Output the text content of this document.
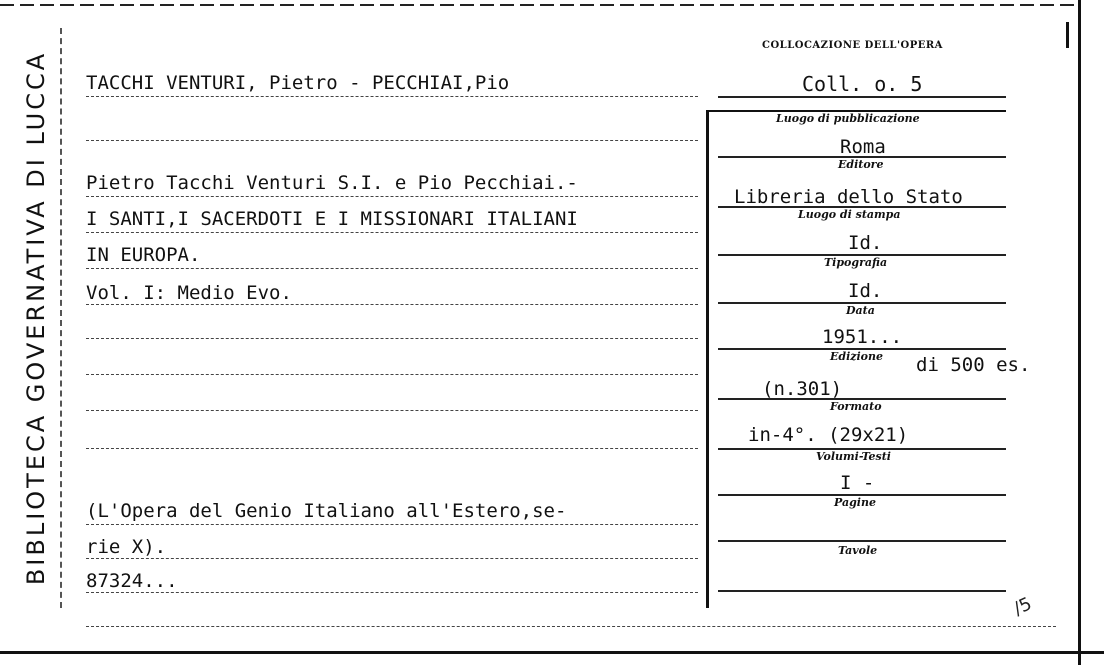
BIBLIOTECA GOVERNATIVA DI LUCCA
COLLOCAZIONE DELL'OPERA
Coll. o. 5
TACCHI VENTURI, Pietro - PECCHIAI,Pio
Pietro Tacchi Venturi S.I. e Pio Pecchiai.-
I SANTI,I SACERDOTI E I MISSIONARI ITALIANI
IN EUROPA.
Vol. I: Medio Evo.
(L'Opera del Genio Italiano all'Estero,se-
rie X).
87324...
Luogo di pubblicazione
Roma
Editore
Libreria dello Stato
Luogo di stampa
Id.
Tipografia
Id.
Data
1951...
Edizione di 500 es.
(n.301)
Formato
in-4°. (29x21)
Volumi-Testi
I -
Pagine
Tavole
/5
